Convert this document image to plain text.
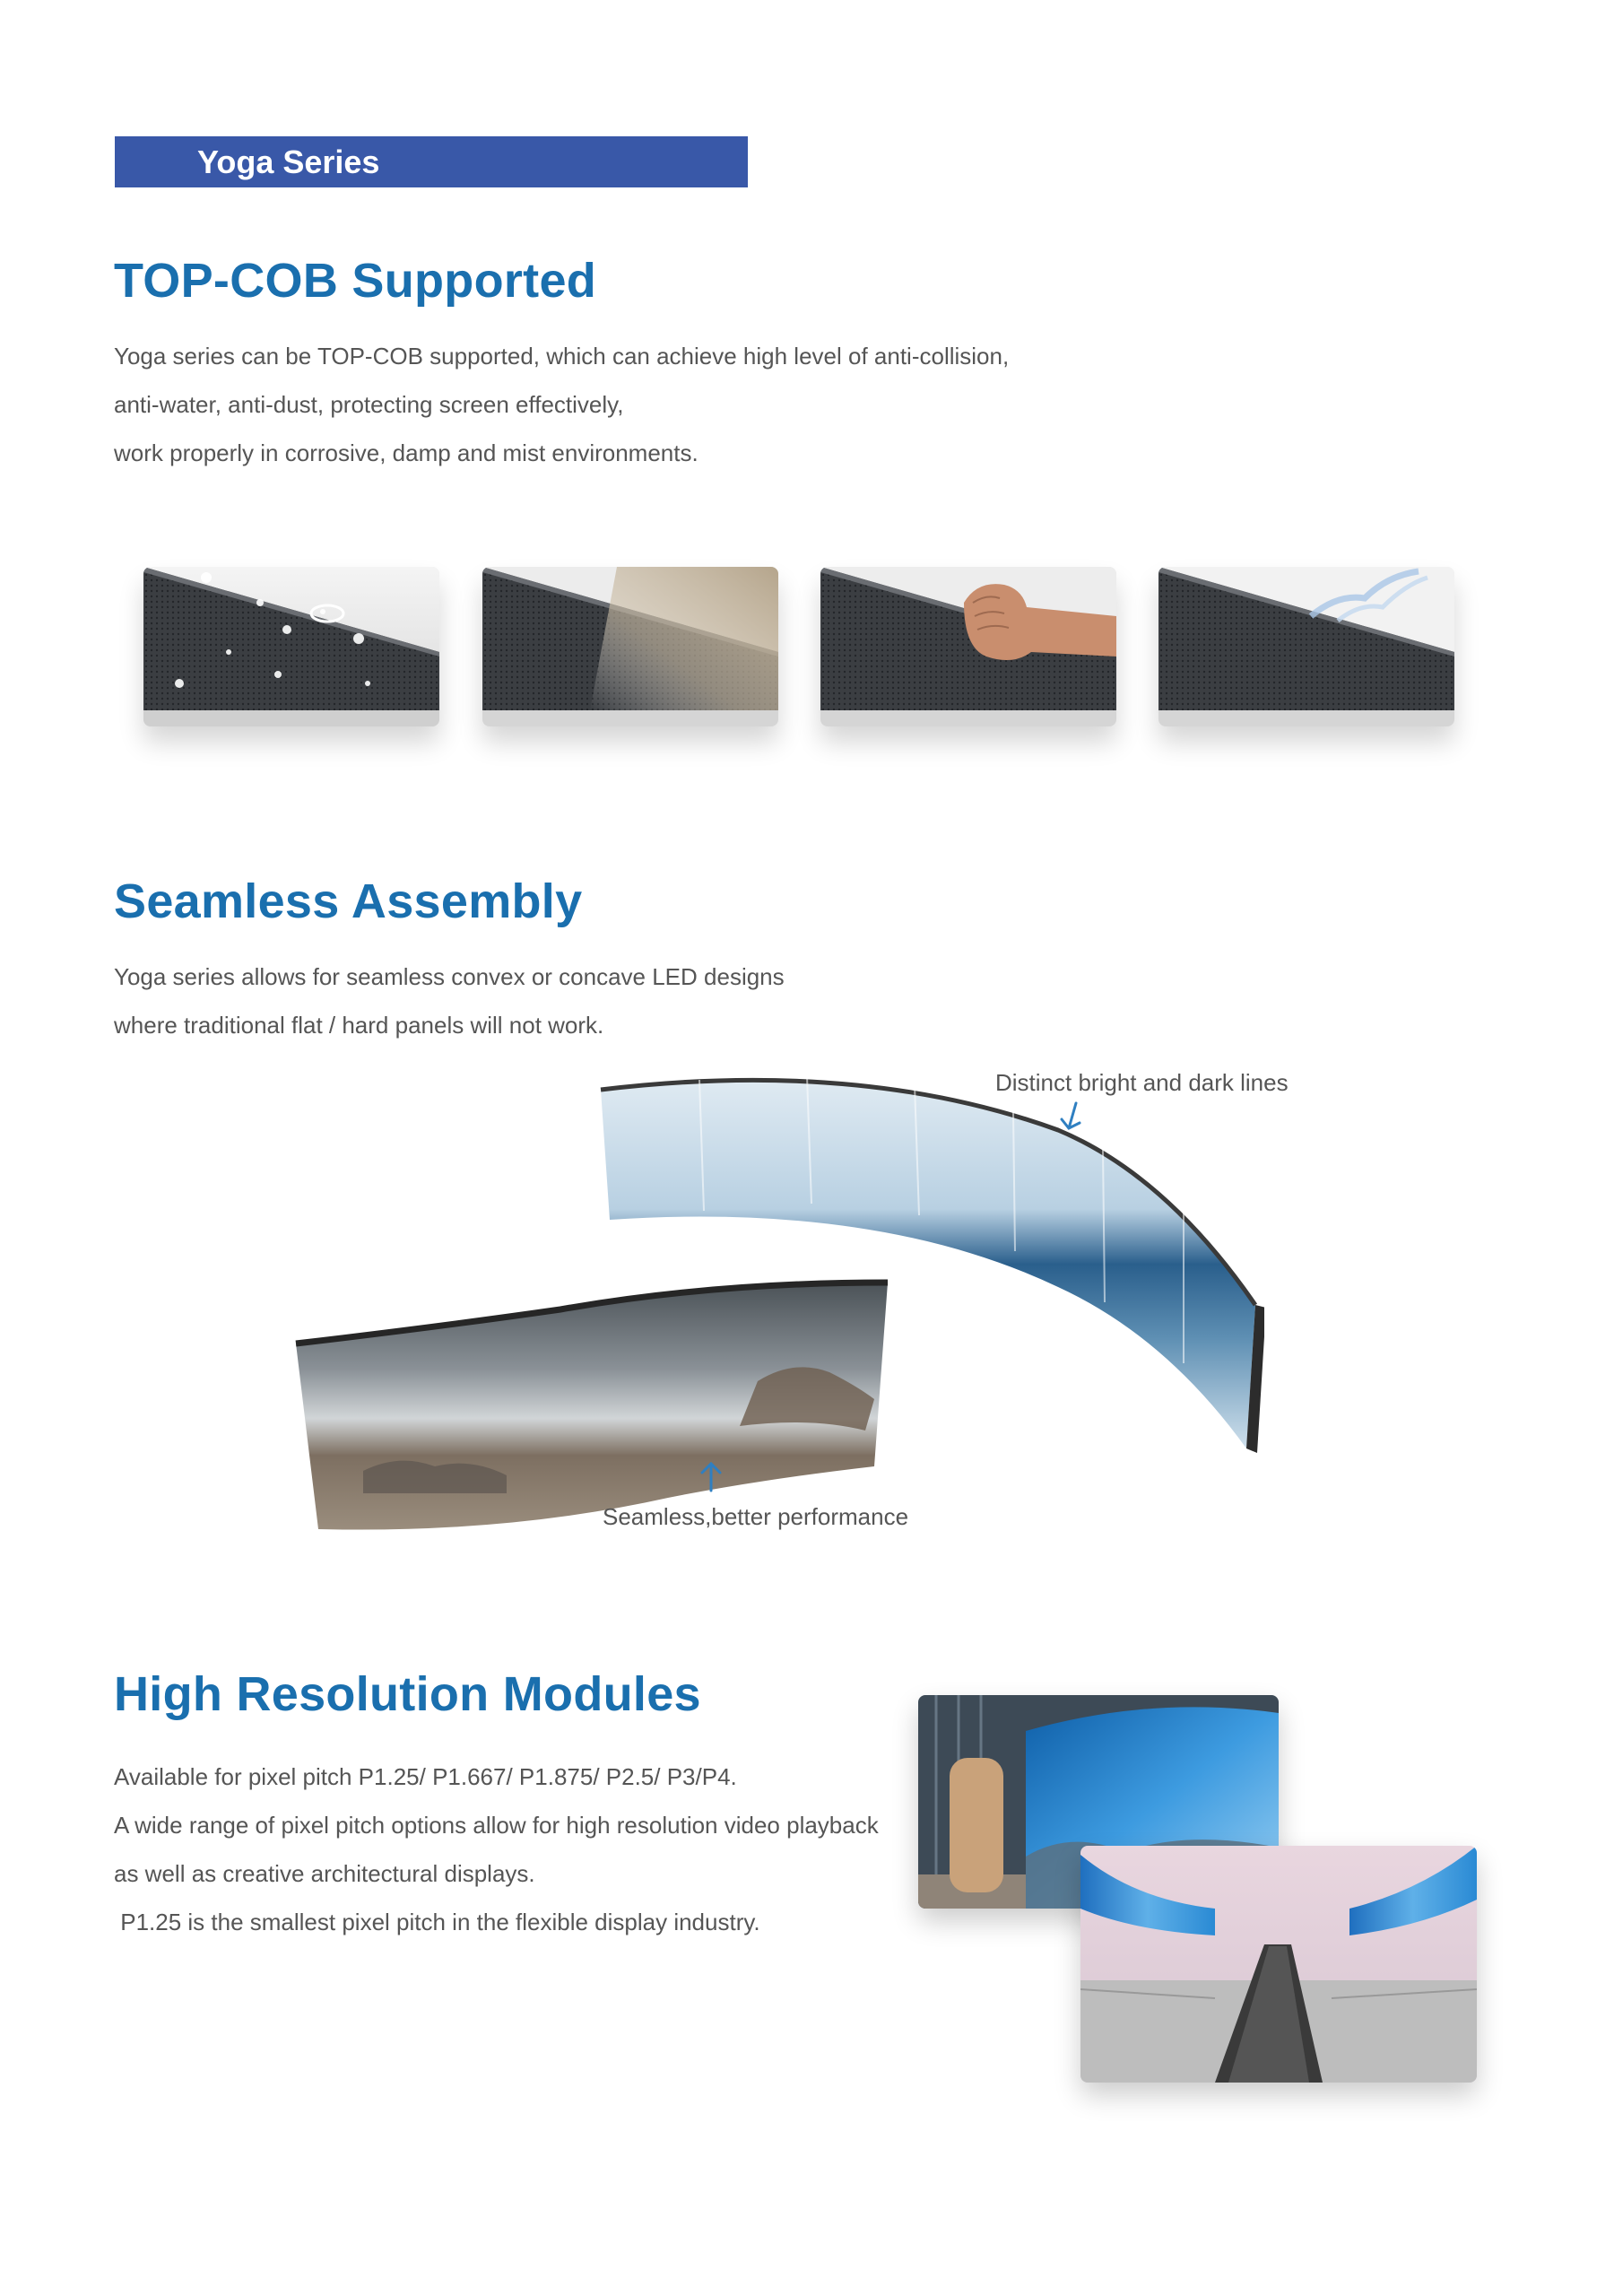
Yoga Series
TOP-COB Supported
Yoga series can be TOP-COB supported, which can achieve high level of anti-collision,
anti-water, anti-dust, protecting screen effectively,
work properly in corrosive, damp and mist environments.
Seamless Assembly
Yoga series allows for seamless convex or concave LED designs
where traditional flat / hard panels will not work.
Distinct bright and dark lines
Seamless,better performance
High Resolution Modules
Available for pixel pitch P1.25/ P1.667/ P1.875/ P2.5/ P3/P4.
A wide range of pixel pitch options allow for high resolution video playback
as well as creative architectural displays.
P1.25 is the smallest pixel pitch in the flexible display industry.
